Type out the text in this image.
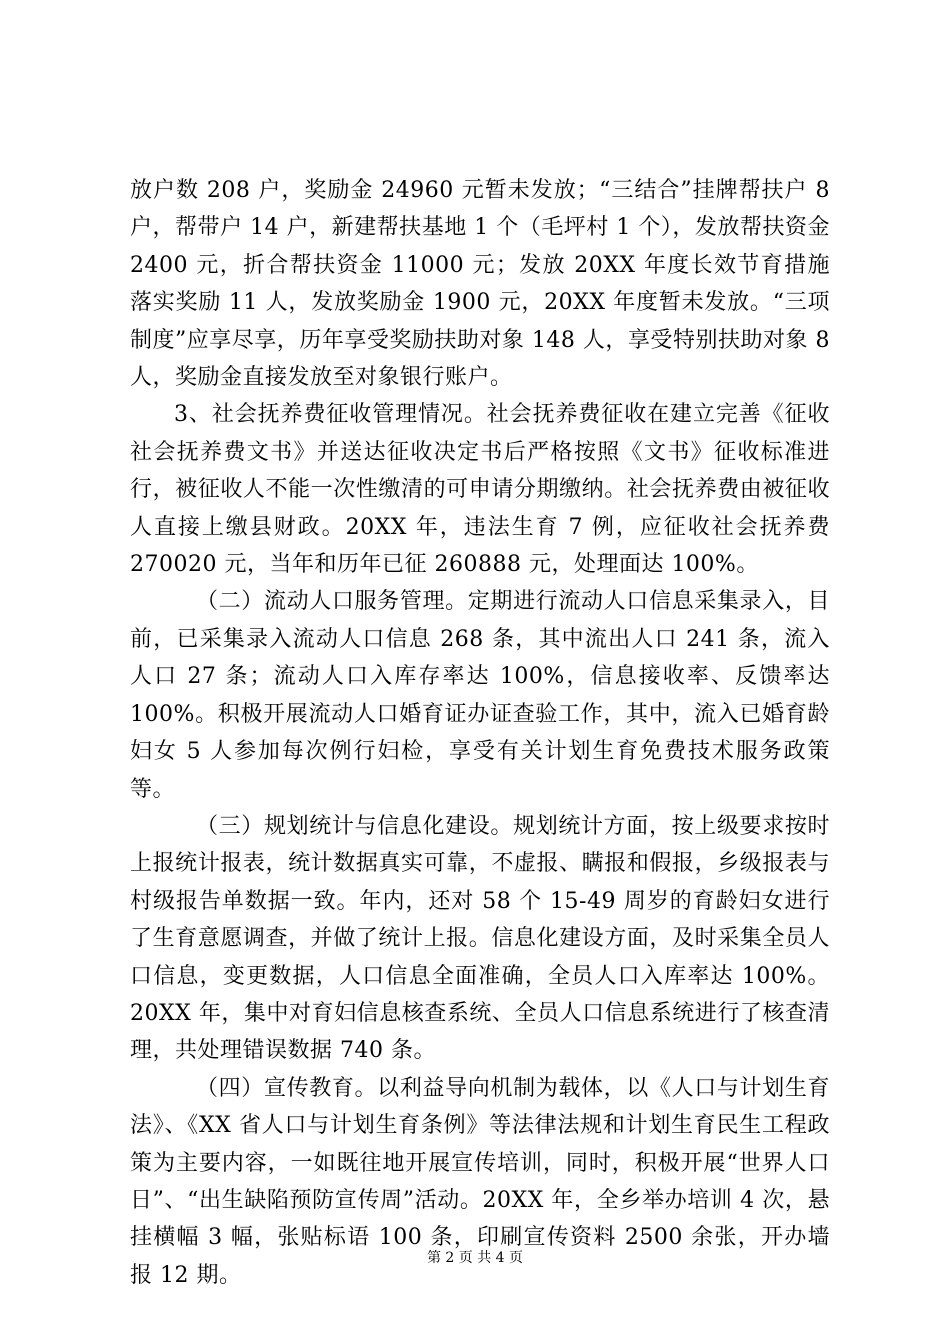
放户数 208 户，奖励金 24960 元暂未发放；“三结合”挂牌帮扶户 8 户，帮带户 14 户，新建帮扶基地 1 个（毛坪村 1 个），发放帮扶资金 2400 元，折合帮扶资金 11000 元；发放 20XX 年度长效节育措施落实奖励 11 人，发放奖励金 1900 元，20XX 年度暂未发放。“三项制度”应享尽享，历年享受奖励扶助对象 148 人，享受特别扶助对象 8 人，奖励金直接发放至对象银行账户。

3、社会抚养费征收管理情况。社会抚养费征收在建立完善《征收社会抚养费文书》并送达征收决定书后严格按照《文书》征收标准进行，被征收人不能一次性缴清的可申请分期缴纳。社会抚养费由被征收人直接上缴县财政。20XX 年，违法生育 7 例，应征收社会抚养费 270020 元，当年和历年已征 260888 元，处理面达 100%。

（二）流动人口服务管理。定期进行流动人口信息采集录入，目前，已采集录入流动人口信息 268 条，其中流出人口 241 条，流入人口 27 条；流动人口入库存率达 100%，信息接收率、反馈率达 100%。积极开展流动人口婚育证办证查验工作，其中，流入已婚育龄妇女 5 人参加每次例行妇检，享受有关计划生育免费技术服务政策等。

（三）规划统计与信息化建设。规划统计方面，按上级要求按时上报统计报表，统计数据真实可靠，不虚报、瞒报和假报，乡级报表与村级报告单数据一致。年内，还对 58 个 15-49 周岁的育龄妇女进行了生育意愿调查，并做了统计上报。信息化建设方面，及时采集全员人口信息，变更数据，人口信息全面准确，全员人口入库率达 100%。20XX 年，集中对育妇信息核查系统、全员人口信息系统进行了核查清理，共处理错误数据 740 条。

（四）宣传教育。以利益导向机制为载体，以《人口与计划生育法》、《XX 省人口与计划生育条例》等法律法规和计划生育民生工程政策为主要内容，一如既往地开展宣传培训，同时，积极开展“世界人口日”、“出生缺陷预防宣传周”活动。20XX 年，全乡举办培训 4 次，悬挂横幅 3 幅，张贴标语 100 条，印刷宣传资料 2500 余张，开办墙报 12 期。

第 2 页 共 4 页
